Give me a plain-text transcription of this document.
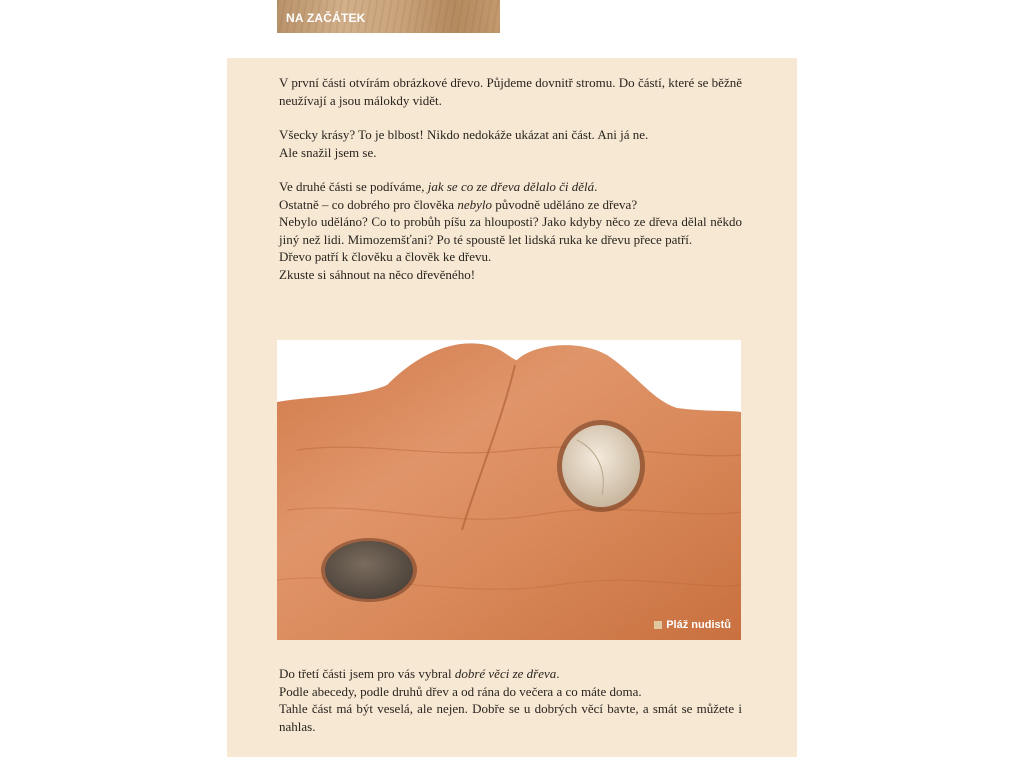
NA ZAČÁTEK

V první části otvírám obrázkové dřevo. Půjdeme dovnitř stromu. Do částí, které se běžně neužívají a jsou málokdy vidět.

Všecky krásy? To je blbost! Nikdo nedokáže ukázat ani část. Ani já ne.

Ale snažil jsem se.

Ve druhé části se podíváme, jak se co ze dřeva dělalo či dělá.

Ostatně – co dobrého pro člověka nebylo původně uděláno ze dřeva?

Nebylo uděláno? Co to probůh píšu za hlouposti? Jako kdyby něco ze dřeva dělal někdo jiný než lidi. Mimozemšťani? Po té spoustě let lidská ruka ke dřevu přece patří.

Dřevo patří k člověku a člověk ke dřevu.

Zkuste si sáhnout na něco dřevěného!

Pláž nudistů

Do třetí části jsem pro vás vybral dobré věci ze dřeva.

Podle abecedy, podle druhů dřev a od rána do večera a co máte doma.

Tahle část má být veselá, ale nejen. Dobře se u dobrých věcí bavte, a smát se můžete i nahlas.
